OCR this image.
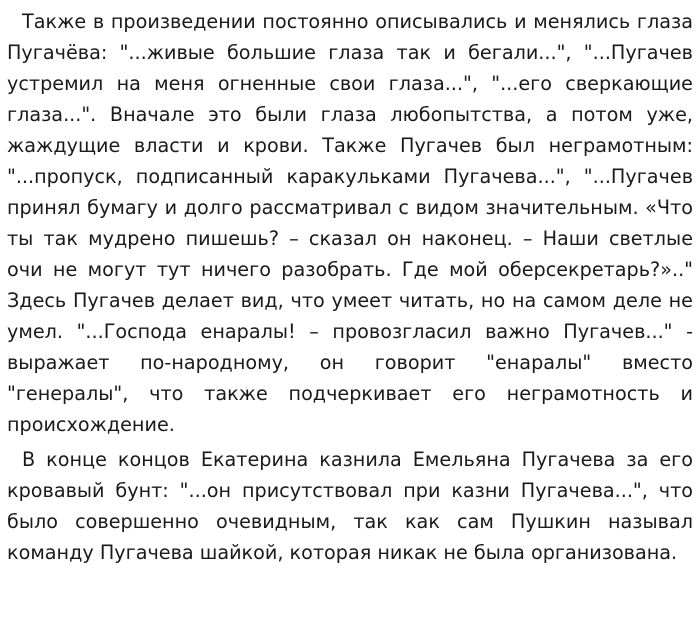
Также в произведении постоянно описывались и менялись глаза Пугачёва: "...живые большие глаза так и бегали...", "...Пугачев устремил на меня огненные свои глаза...", "...его сверкающие глаза...". Вначале это были глаза любопытства, а потом уже, жаждущие власти и крови. Также Пугачев был неграмотным: "...пропуск, подписанный каракульками Пугачева...", "...Пугачев принял бумагу и долго рассматривал с видом значительным. «Что ты так мудрено пишешь? – сказал он наконец. – Наши светлые очи не могут тут ничего разобрать. Где мой оберсекретарь?».." Здесь Пугачев делает вид, что умеет читать, но на самом деле не умел. "...Господа енаралы! – провозгласил важно Пугачев..." - выражает по-народному, он говорит "енаралы" вместо "генералы", что также подчеркивает его неграмотность и происхождение.

В конце концов Екатерина казнила Емельяна Пугачева за его кровавый бунт: "...он присутствовал при казни Пугачева...", что было совершенно очевидным, так как сам Пушкин называл команду Пугачева шайкой, которая никак не была организована.
